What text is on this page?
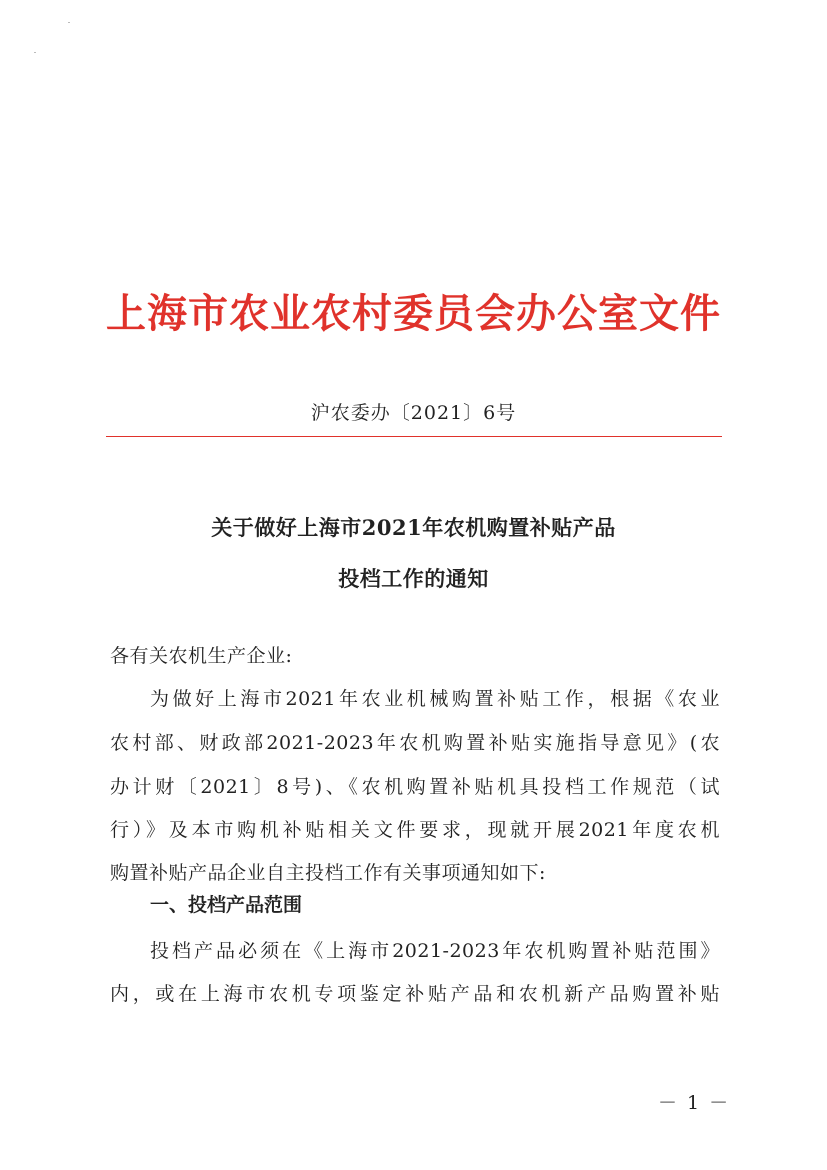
上海市农业农村委员会办公室文件
沪农委办〔2021〕6号
关于做好上海市2021年农机购置补贴产品
投档工作的通知
各有关农机生产企业:
为做好上海市2021年农业机械购置补贴工作，根据《农业
农村部、财政部2021-2023年农机购置补贴实施指导意见》(农
办计财〔2021〕8号)、《农机购置补贴机具投档工作规范（试
行）》及本市购机补贴相关文件要求，现就开展2021年度农机
购置补贴产品企业自主投档工作有关事项通知如下:
一、投档产品范围
投档产品必须在《上海市2021-2023年农机购置补贴范围》
内，或在上海市农机专项鉴定补贴产品和农机新产品购置补贴
－ 1 －
